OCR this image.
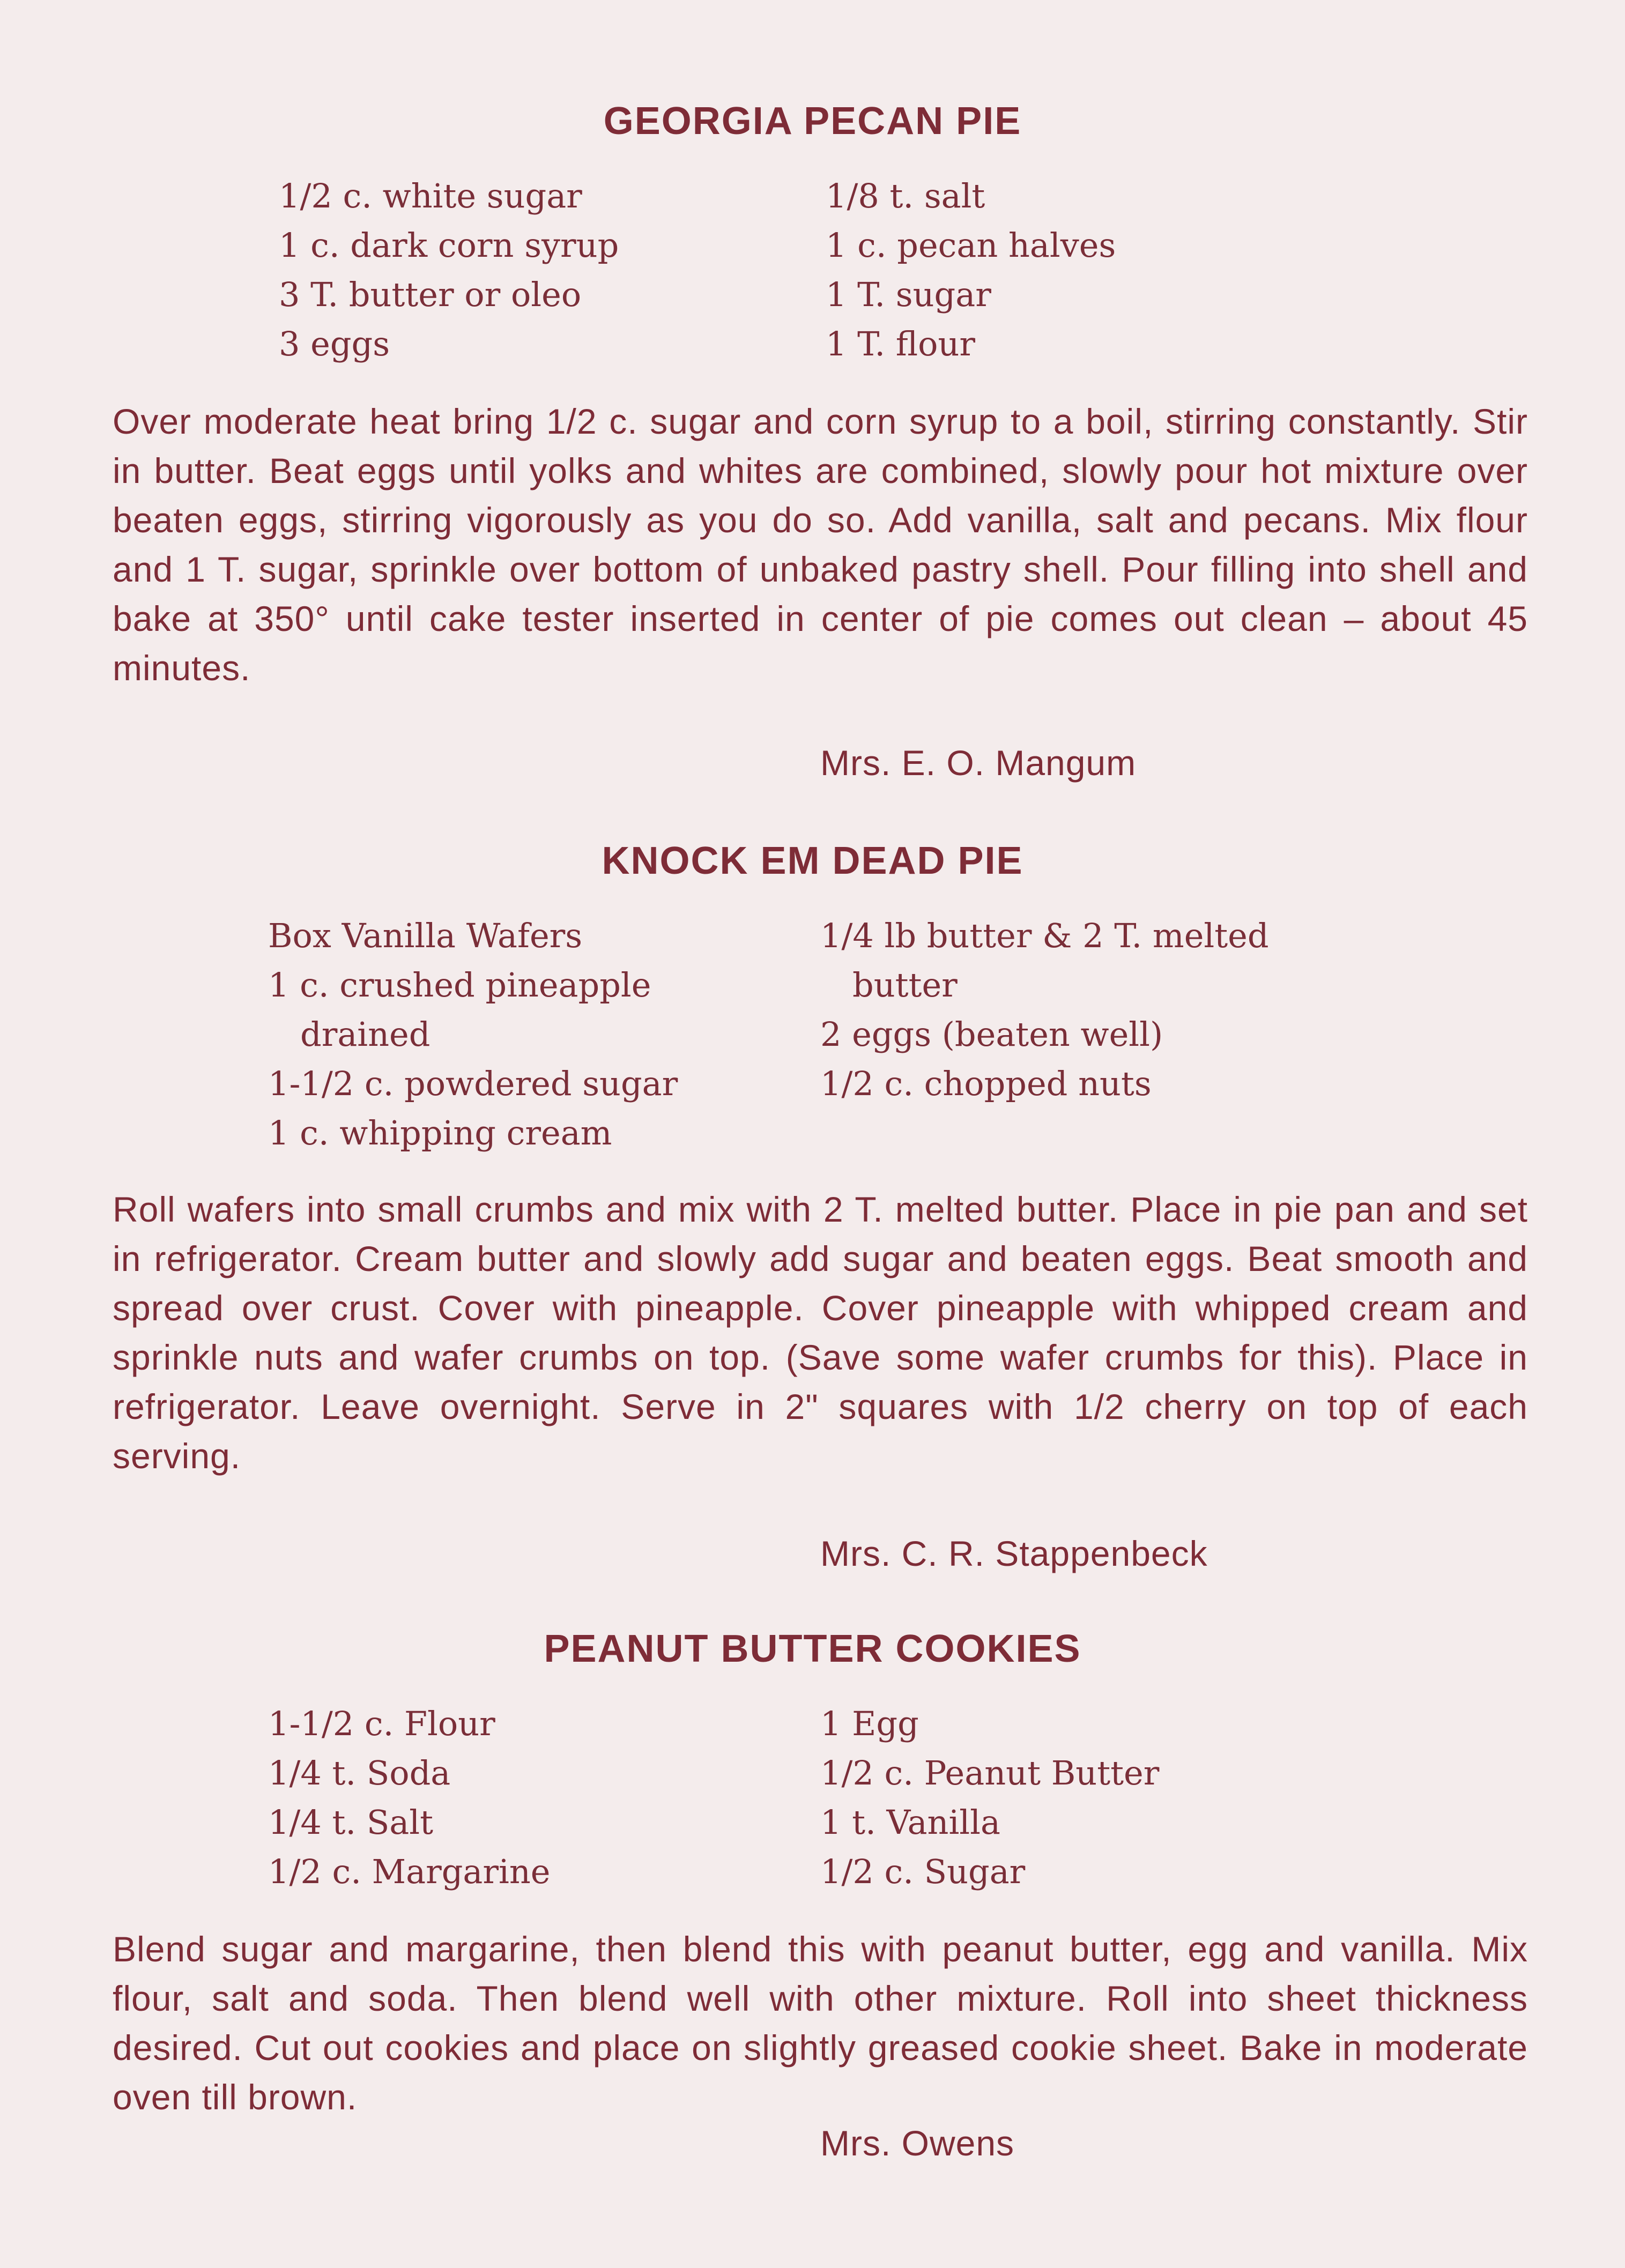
GEORGIA PECAN PIE
1/2 c. white sugar
1 c. dark corn syrup
3 T. butter or oleo
3 eggs
1/8 t. salt
1 c. pecan halves
1 T. sugar
1 T. flour
Over moderate heat bring 1/2 c. sugar and corn syrup to a boil, stirring constantly. Stir in butter. Beat eggs until yolks and whites are combined, slowly pour hot mixture over beaten eggs, stirring vigorously as you do so. Add vanilla, salt and pecans. Mix flour and 1 T. sugar, sprinkle over bottom of unbaked pastry shell. Pour filling into shell and bake at 350° until cake tester inserted in center of pie comes out clean – about 45 minutes.
Mrs. E. O. Mangum
KNOCK EM DEAD PIE
Box Vanilla Wafers
1 c. crushed pineapple
drained
1-1/2 c. powdered sugar
1 c. whipping cream
1/4 lb butter & 2 T. melted
butter
2 eggs (beaten well)
1/2 c. chopped nuts
Roll wafers into small crumbs and mix with 2 T. melted butter. Place in pie pan and set in refrigerator. Cream butter and slowly add sugar and beaten eggs. Beat smooth and spread over crust. Cover with pineapple. Cover pineapple with whipped cream and sprinkle nuts and wafer crumbs on top. (Save some wafer crumbs for this). Place in refrigerator. Leave overnight. Serve in 2" squares with 1/2 cherry on top of each serving.
Mrs. C. R. Stappenbeck
PEANUT BUTTER COOKIES
1-1/2 c. Flour
1/4 t. Soda
1/4 t. Salt
1/2 c. Margarine
1 Egg
1/2 c. Peanut Butter
1 t. Vanilla
1/2 c. Sugar
Blend sugar and margarine, then blend this with peanut butter, egg and vanilla. Mix flour, salt and soda. Then blend well with other mixture. Roll into sheet thickness desired. Cut out cookies and place on slightly greased cookie sheet. Bake in moderate oven till brown.
Mrs. Owens
